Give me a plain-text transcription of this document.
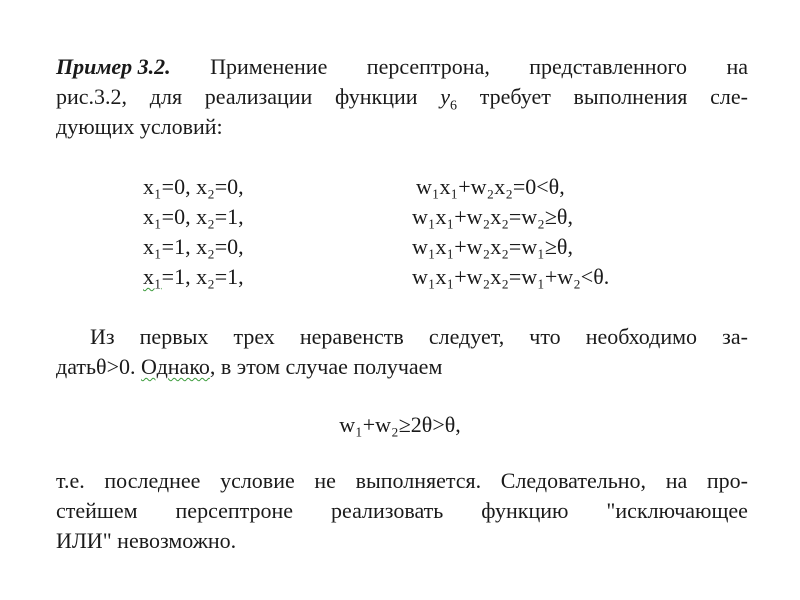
Пример 3.2. Применение персептрона, представленного на
рис.3.2, для реализации функции $y_6$ требует выполнения сле-
дующих условий:
x₁=0, x₂=0,	w₁x₁+w₂x₂=0<θ,
x₁=0, x₂=1,	w₁x₁+w₂x₂=w₂≥θ,
x₁=1, x₂=0,	w₁x₁+w₂x₂=w₁≥θ,
x₁=1, x₂=1,	w₁x₁+w₂x₂=w₁+w₂<θ.
Из первых трех неравенств следует, что необходимо за-
датьθ>0. Однако, в этом случае получаем
w₁+w₂≥2θ>θ,
т.е. последнее условие не выполняется. Следовательно, на про-
стейшем персептроне реализовать функцию "исключающее
ИЛИ" невозможно.
